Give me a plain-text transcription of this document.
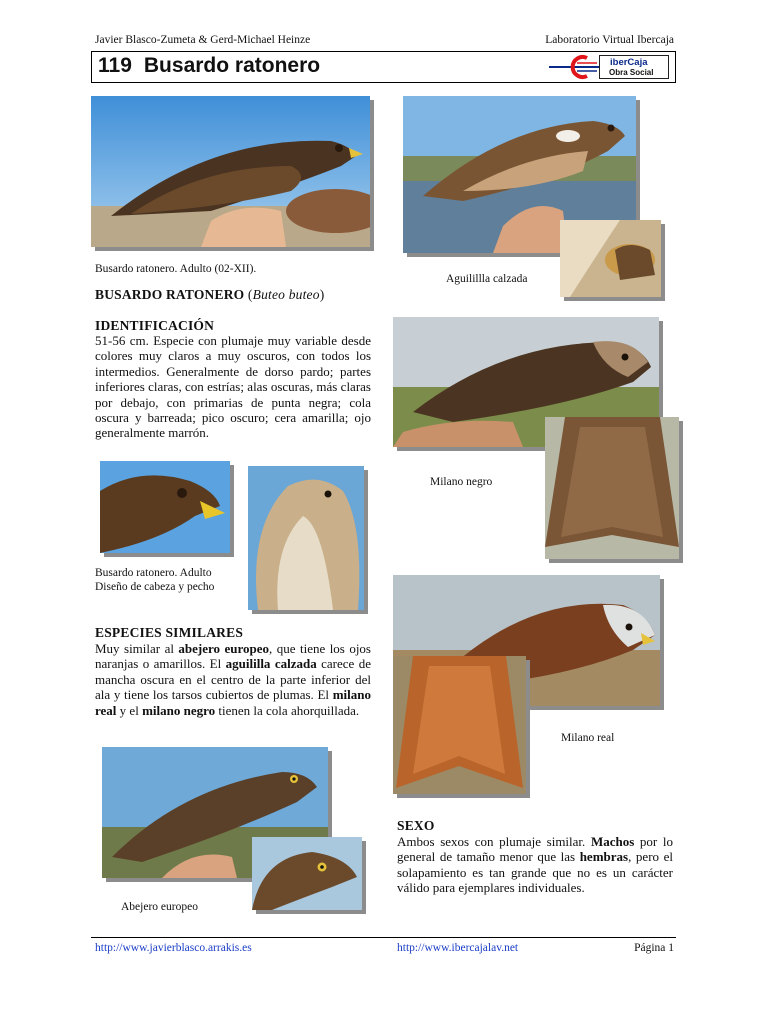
Javier Blasco-Zumeta & Gerd-Michael Heinze	Laboratorio Virtual Ibercaja
119 Busardo ratonero	iberCaja
Obra Social
Busardo ratonero. Adulto (02-XII).
Aguilillla calzada
BUSARDO RATONERO (Buteo buteo)
IDENTIFICACIÓN
51-56 cm. Especie con plumaje muy variable desde colores muy claros a muy oscuros, con todos los intermedios. Generalmente de dorso pardo; partes inferiores claras, con estrías; alas oscuras, más claras por debajo, con primarias de punta negra; cola oscura y barreada; pico oscuro; cera amarilla; ojo generalmente marrón.
Milano negro
Busardo ratonero. Adulto
Diseño de cabeza y pecho
Milano real
ESPECIES SIMILARES
Muy similar al abejero europeo, que tiene los ojos naranjas o amarillos. El aguililla calzada carece de mancha oscura en el centro de la parte inferior del ala y tiene los tarsos cubiertos de plumas. El milano real y el milano negro tienen la cola ahorquillada.
Abejero europeo
SEXO
Ambos sexos con plumaje similar. Machos por lo general de tamaño menor que las hembras, pero el solapamiento es tan grande que no es un carácter válido para ejemplares individuales.
http://www.javierblasco.arrakis.es	http://www.ibercajalav.net	Página 1
